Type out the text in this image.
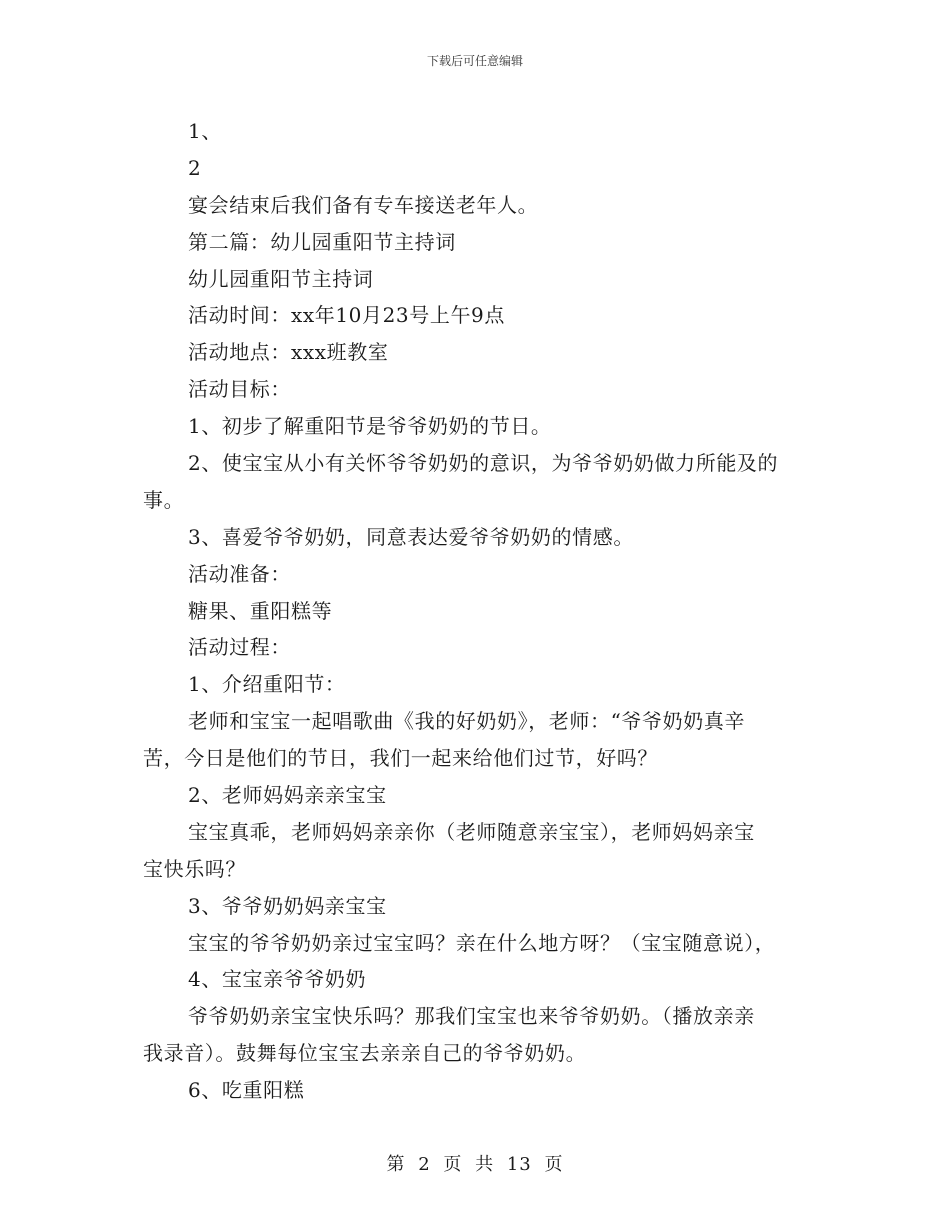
下载后可任意编辑
1、
2
宴会结束后我们备有专车接送老年人。
第二篇：幼儿园重阳节主持词
幼儿园重阳节主持词
活动时间：xx年10月23号上午9点
活动地点：xxx班教室
活动目标：
1、初步了解重阳节是爷爷奶奶的节日。
2、使宝宝从小有关怀爷爷奶奶的意识，为爷爷奶奶做力所能及的
事。
3、喜爱爷爷奶奶，同意表达爱爷爷奶奶的情感。
活动准备：
糖果、重阳糕等
活动过程：
1、介绍重阳节：
老师和宝宝一起唱歌曲《我的好奶奶》，老师：“爷爷奶奶真辛
苦，今日是他们的节日，我们一起来给他们过节，好吗？
2、老师妈妈亲亲宝宝
宝宝真乖，老师妈妈亲亲你（老师随意亲宝宝），老师妈妈亲宝
宝快乐吗？
3、爷爷奶奶妈亲宝宝
宝宝的爷爷奶奶亲过宝宝吗？亲在什么地方呀？（宝宝随意说），
4、宝宝亲爷爷奶奶
爷爷奶奶亲宝宝快乐吗？那我们宝宝也来爷爷奶奶。（播放亲亲
我录音）。鼓舞每位宝宝去亲亲自己的爷爷奶奶。
6、吃重阳糕
第 2 页 共 13 页
